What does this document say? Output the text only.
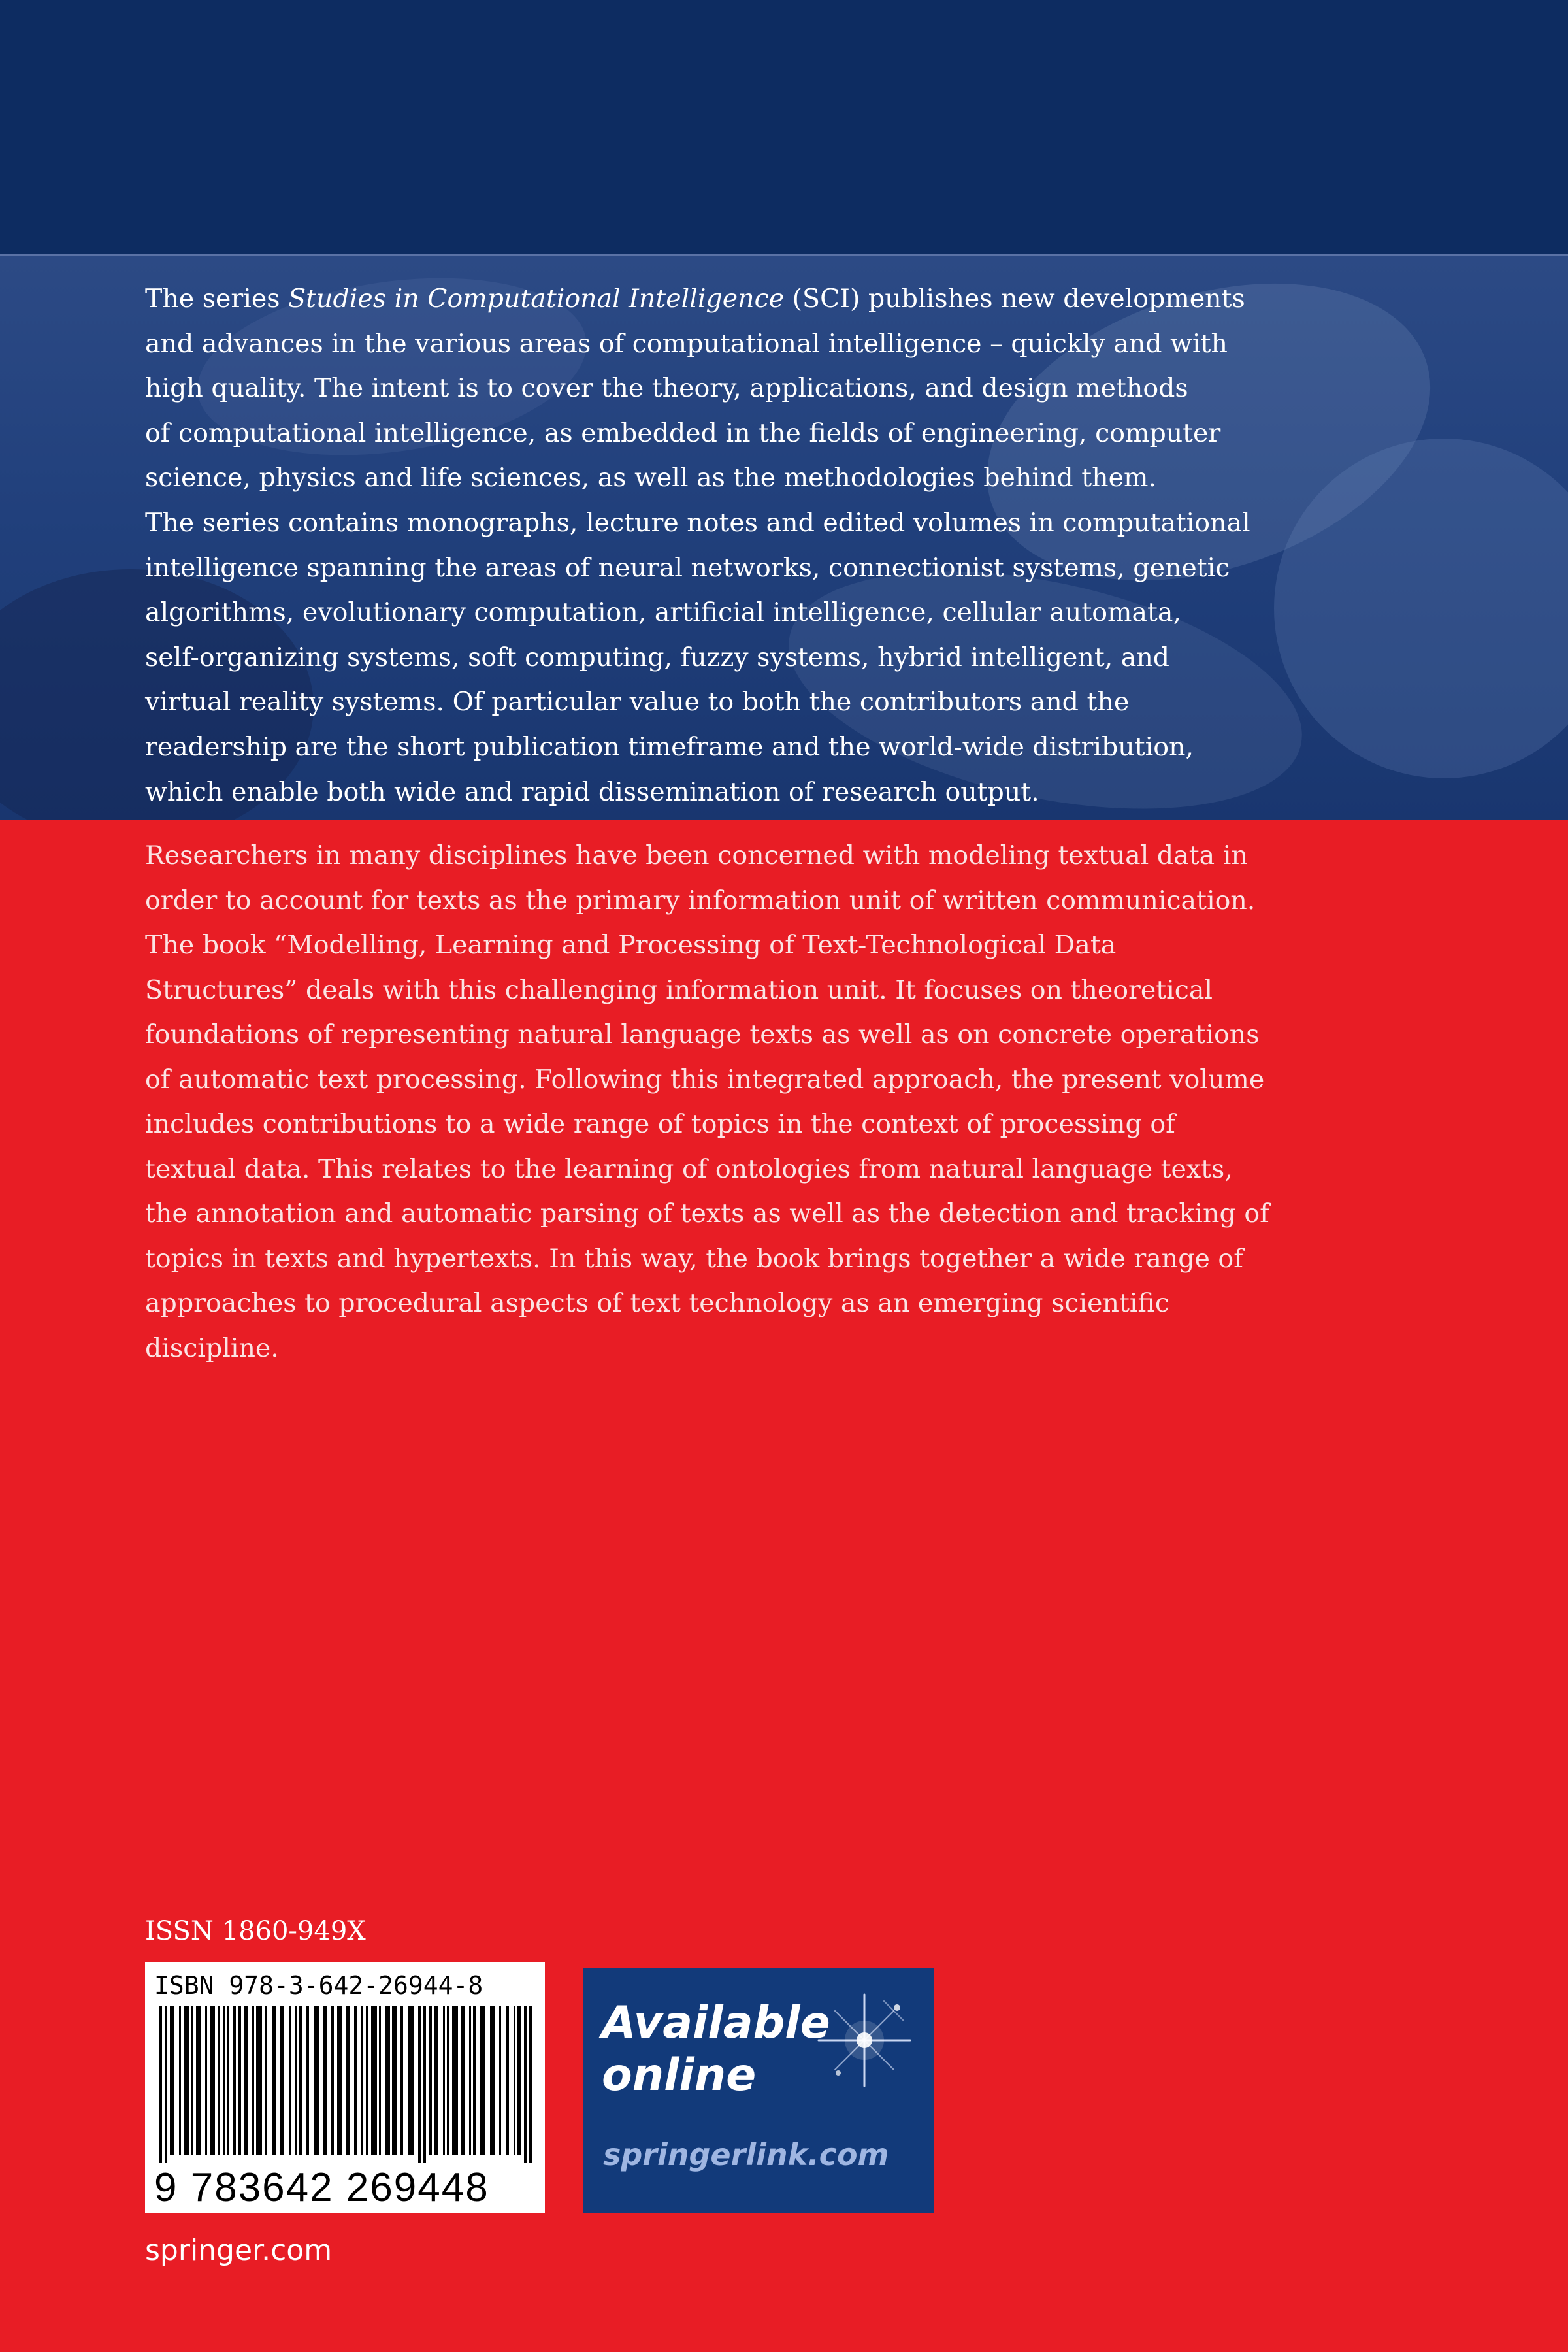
The series Studies in Computational Intelligence (SCI) publishes new developments
and advances in the various areas of computational intelligence – quickly and with
high quality. The intent is to cover the theory, applications, and design methods
of computational intelligence, as embedded in the fields of engineering, computer
science, physics and life sciences, as well as the methodologies behind them.
The series contains monographs, lecture notes and edited volumes in computational
intelligence spanning the areas of neural networks, connectionist systems, genetic
algorithms, evolutionary computation, artificial intelligence, cellular automata,
self-organizing systems, soft computing, fuzzy systems, hybrid intelligent, and
virtual reality systems. Of particular value to both the contributors and the
readership are the short publication timeframe and the world-wide distribution,
which enable both wide and rapid dissemination of research output.

Researchers in many disciplines have been concerned with modeling textual data in
order to account for texts as the primary information unit of written communication.
The book “Modelling, Learning and Processing of Text-Technological Data
Structures” deals with this challenging information unit. It focuses on theoretical
foundations of representing natural language texts as well as on concrete operations
of automatic text processing. Following this integrated approach, the present volume
includes contributions to a wide range of topics in the context of processing of
textual data. This relates to the learning of ontologies from natural language texts,
the annotation and automatic parsing of texts as well as the detection and tracking of
topics in texts and hypertexts. In this way, the book brings together a wide range of
approaches to procedural aspects of text technology as an emerging scientific
discipline.

ISSN 1860-949X

ISBN 978-3-642-26944-8

9 783642 269448

Available online

springerlink.com

springer.com
